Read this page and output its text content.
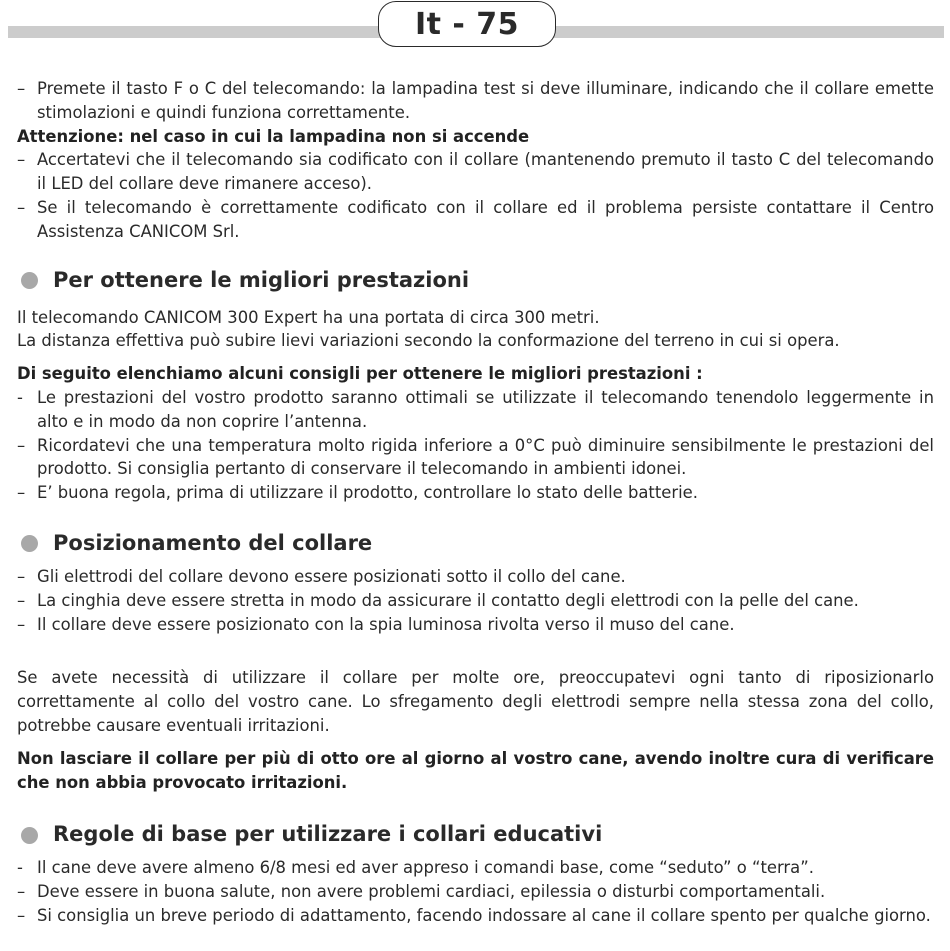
It - 75
– Premete il tasto F o C del telecomando: la lampadina test si deve illuminare, indicando che il collare emette stimolazioni e quindi funziona correttamente.
Attenzione: nel caso in cui la lampadina non si accende
– Accertatevi che il telecomando sia codificato con il collare (mantenendo premuto il tasto C del telecomando il LED del collare deve rimanere acceso).
– Se il telecomando è correttamente codificato con il collare ed il problema persiste contattare il Centro Assistenza CANICOM Srl.
Per ottenere le migliori prestazioni
Il telecomando CANICOM 300 Expert ha una portata di circa 300 metri.
La distanza effettiva può subire lievi variazioni secondo la conformazione del terreno in cui si opera.
Di seguito elenchiamo alcuni consigli per ottenere le migliori prestazioni :
- Le prestazioni del vostro prodotto saranno ottimali se utilizzate il telecomando tenendolo leggermente in alto e in modo da non coprire l’antenna.
– Ricordatevi che una temperatura molto rigida inferiore a 0°C può diminuire sensibilmente le prestazioni del prodotto. Si consiglia pertanto di conservare il telecomando in ambienti idonei.
– E’ buona regola, prima di utilizzare il prodotto, controllare lo stato delle batterie.
Posizionamento del collare
– Gli elettrodi del collare devono essere posizionati sotto il collo del cane.
– La cinghia deve essere stretta in modo da assicurare il contatto degli elettrodi con la pelle del cane.
– Il collare deve essere posizionato con la spia luminosa rivolta verso il muso del cane.
Se avete necessità di utilizzare il collare per molte ore, preoccupatevi ogni tanto di riposizionarlo correttamente al collo del vostro cane. Lo sfregamento degli elettrodi sempre nella stessa zona del collo, potrebbe causare eventuali irritazioni.
Non lasciare il collare per più di otto ore al giorno al vostro cane, avendo inoltre cura di verificare che non abbia provocato irritazioni.
Regole di base per utilizzare i collari educativi
- Il cane deve avere almeno 6/8 mesi ed aver appreso i comandi base, come “seduto” o “terra”.
– Deve essere in buona salute, non avere problemi cardiaci, epilessia o disturbi comportamentali.
– Si consiglia un breve periodo di adattamento, facendo indossare al cane il collare spento per qualche giorno.
